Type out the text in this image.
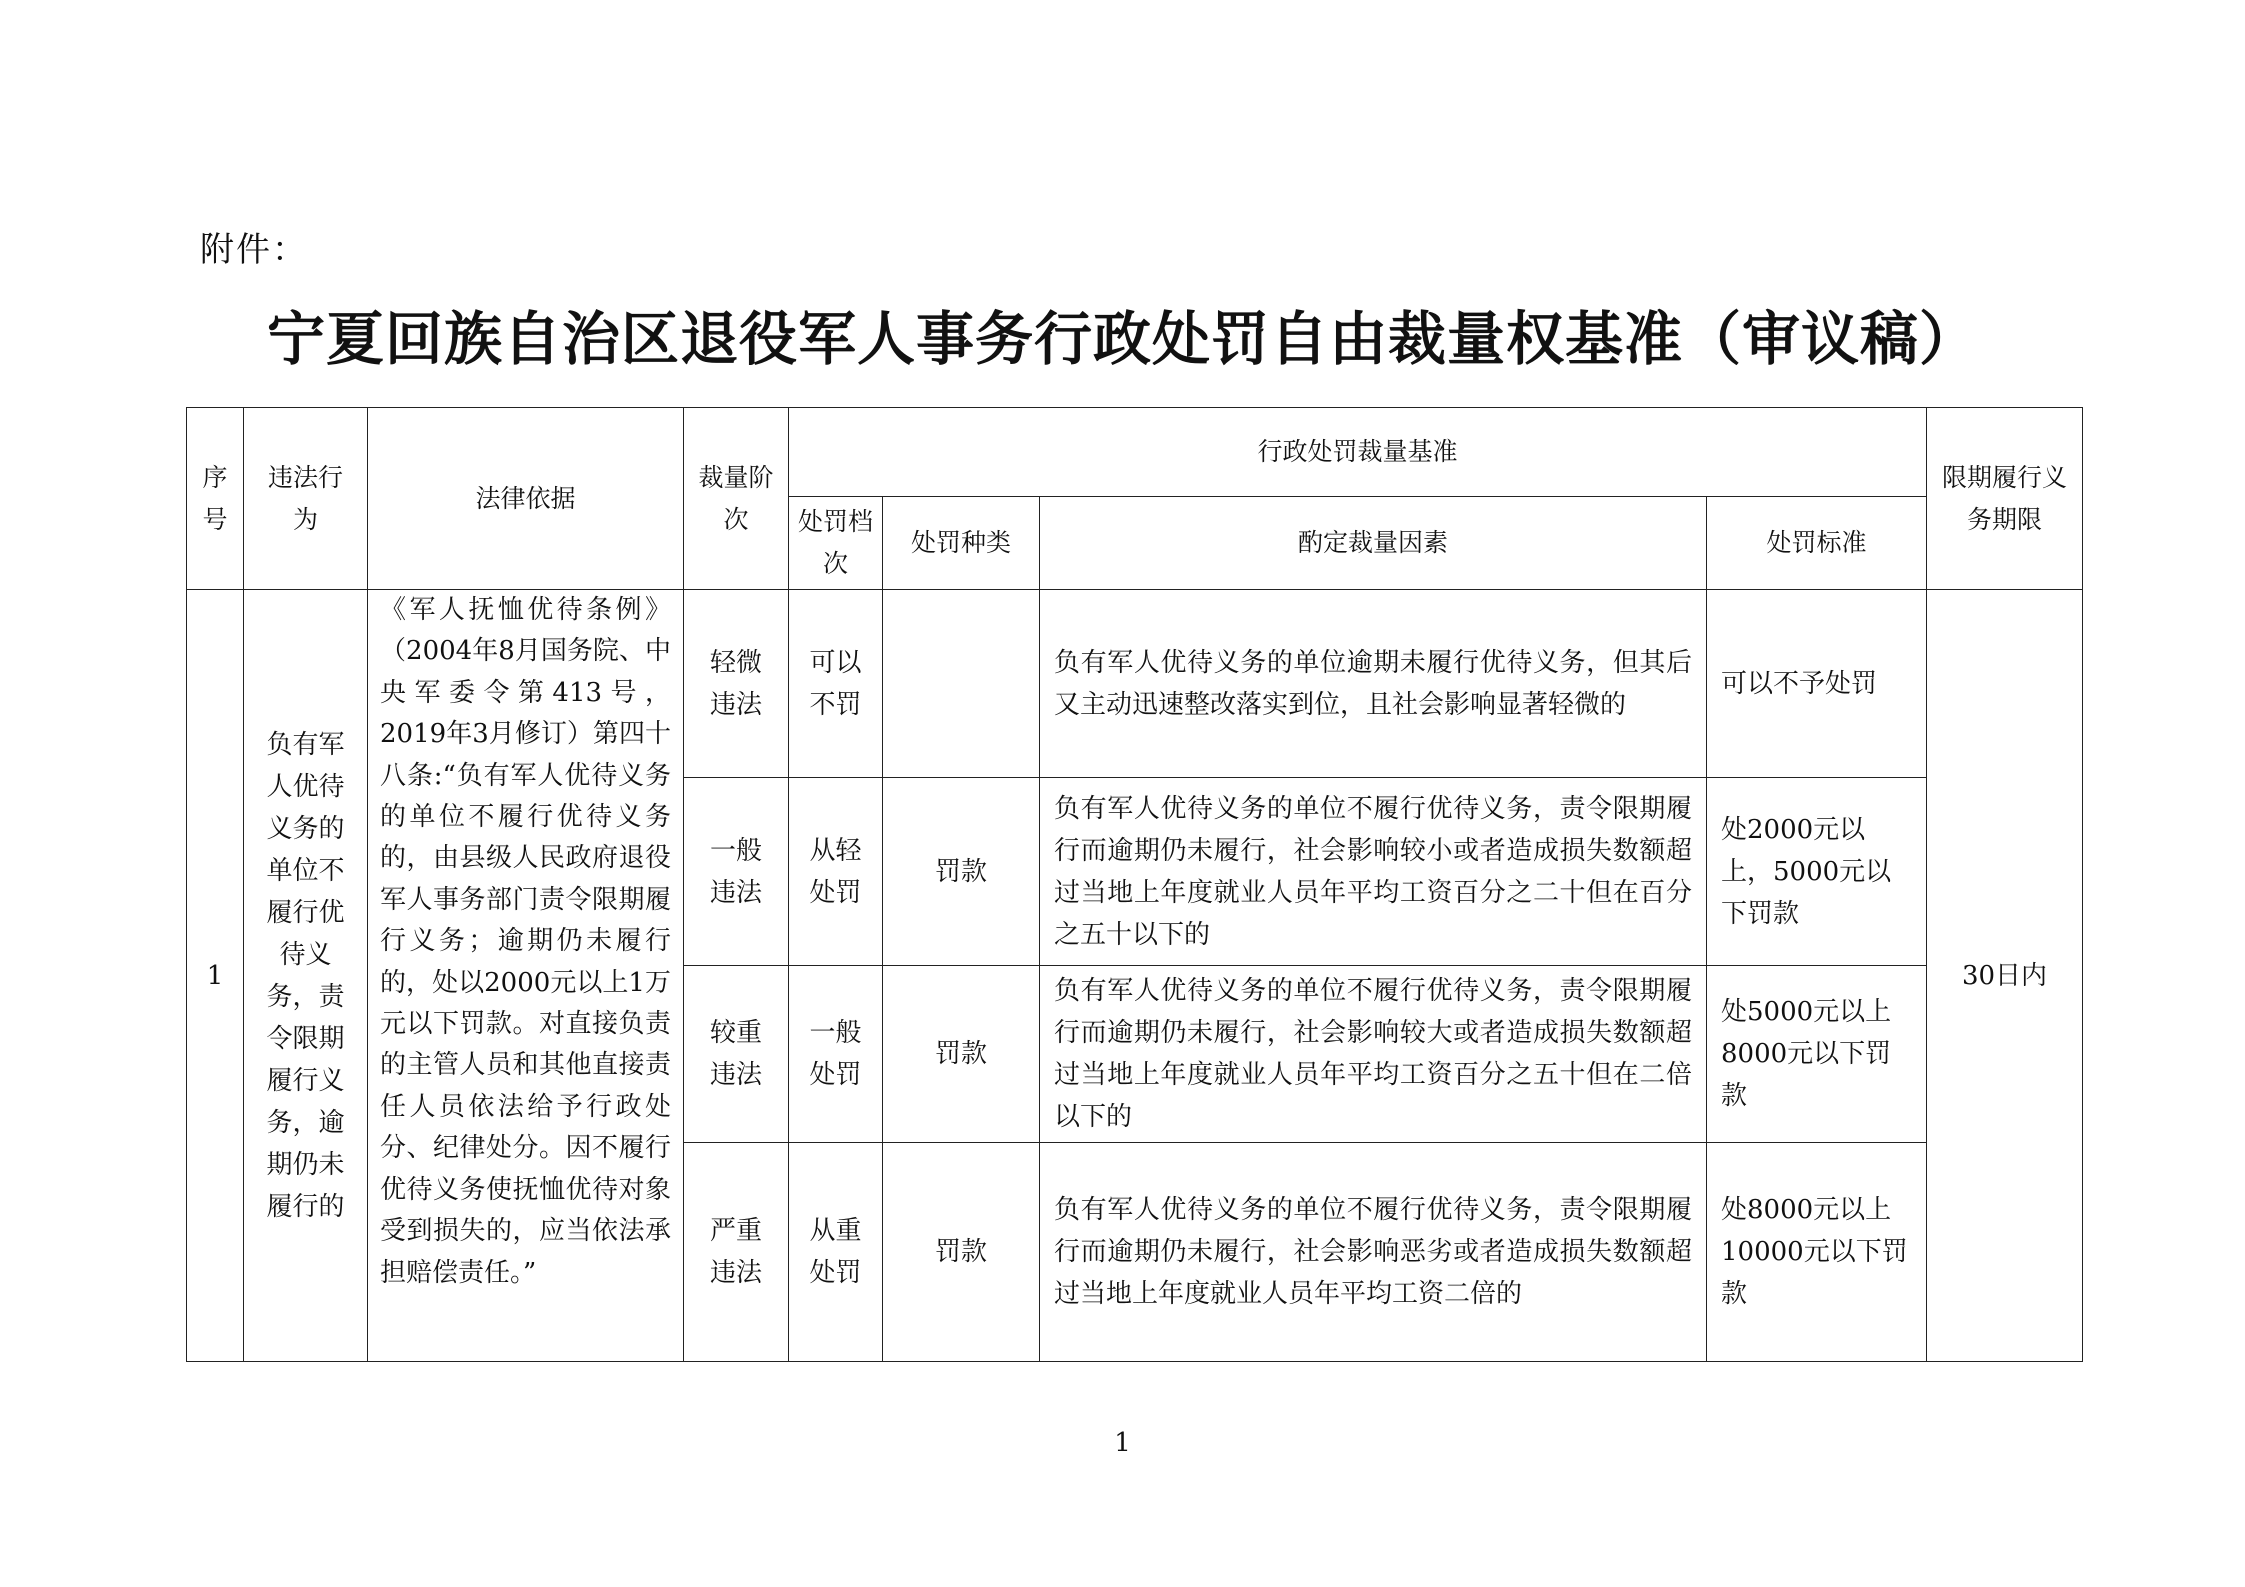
附件：
宁夏回族自治区退役军人事务行政处罚自由裁量权基准（审议稿）
序号	违法行为	法律依据	裁量阶次	行政处罚裁量基准				限期履行义务期限
				处罚档次	处罚种类	酌定裁量因素	处罚标准	
1	负有军人优待义务的单位不履行优待义务，责令限期履行义务，逾期仍未履行的	《军人抚恤优待条例》（2004年8月国务院、中央军委令第413号，2019年3月修订）第四十八条:“负有军人优待义务的单位不履行优待义务的，由县级人民政府退役军人事务部门责令限期履行义务；逾期仍未履行的，处以2000元以上1万元以下罚款。对直接负责的主管人员和其他直接责任人员依法给予行政处分、纪律处分。因不履行优待义务使抚恤优待对象受到损失的，应当依法承担赔偿责任。”	轻微违法	可以不罚		负有军人优待义务的单位逾期未履行优待义务，但其后又主动迅速整改落实到位，且社会影响显著轻微的	可以不予处罚	30日内
			一般违法	从轻处罚	罚款	负有军人优待义务的单位不履行优待义务，责令限期履行而逾期仍未履行，社会影响较小或者造成损失数额超过当地上年度就业人员年平均工资百分之二十但在百分之五十以下的	处2000元以上，5000元以下罚款	
			较重违法	一般处罚	罚款	负有军人优待义务的单位不履行优待义务，责令限期履行而逾期仍未履行，社会影响较大或者造成损失数额超过当地上年度就业人员年平均工资百分之五十但在二倍以下的	处5000元以上8000元以下罚款	
			严重违法	从重处罚	罚款	负有军人优待义务的单位不履行优待义务，责令限期履行而逾期仍未履行，社会影响恶劣或者造成损失数额超过当地上年度就业人员年平均工资二倍的	处8000元以上10000元以下罚款	
1
